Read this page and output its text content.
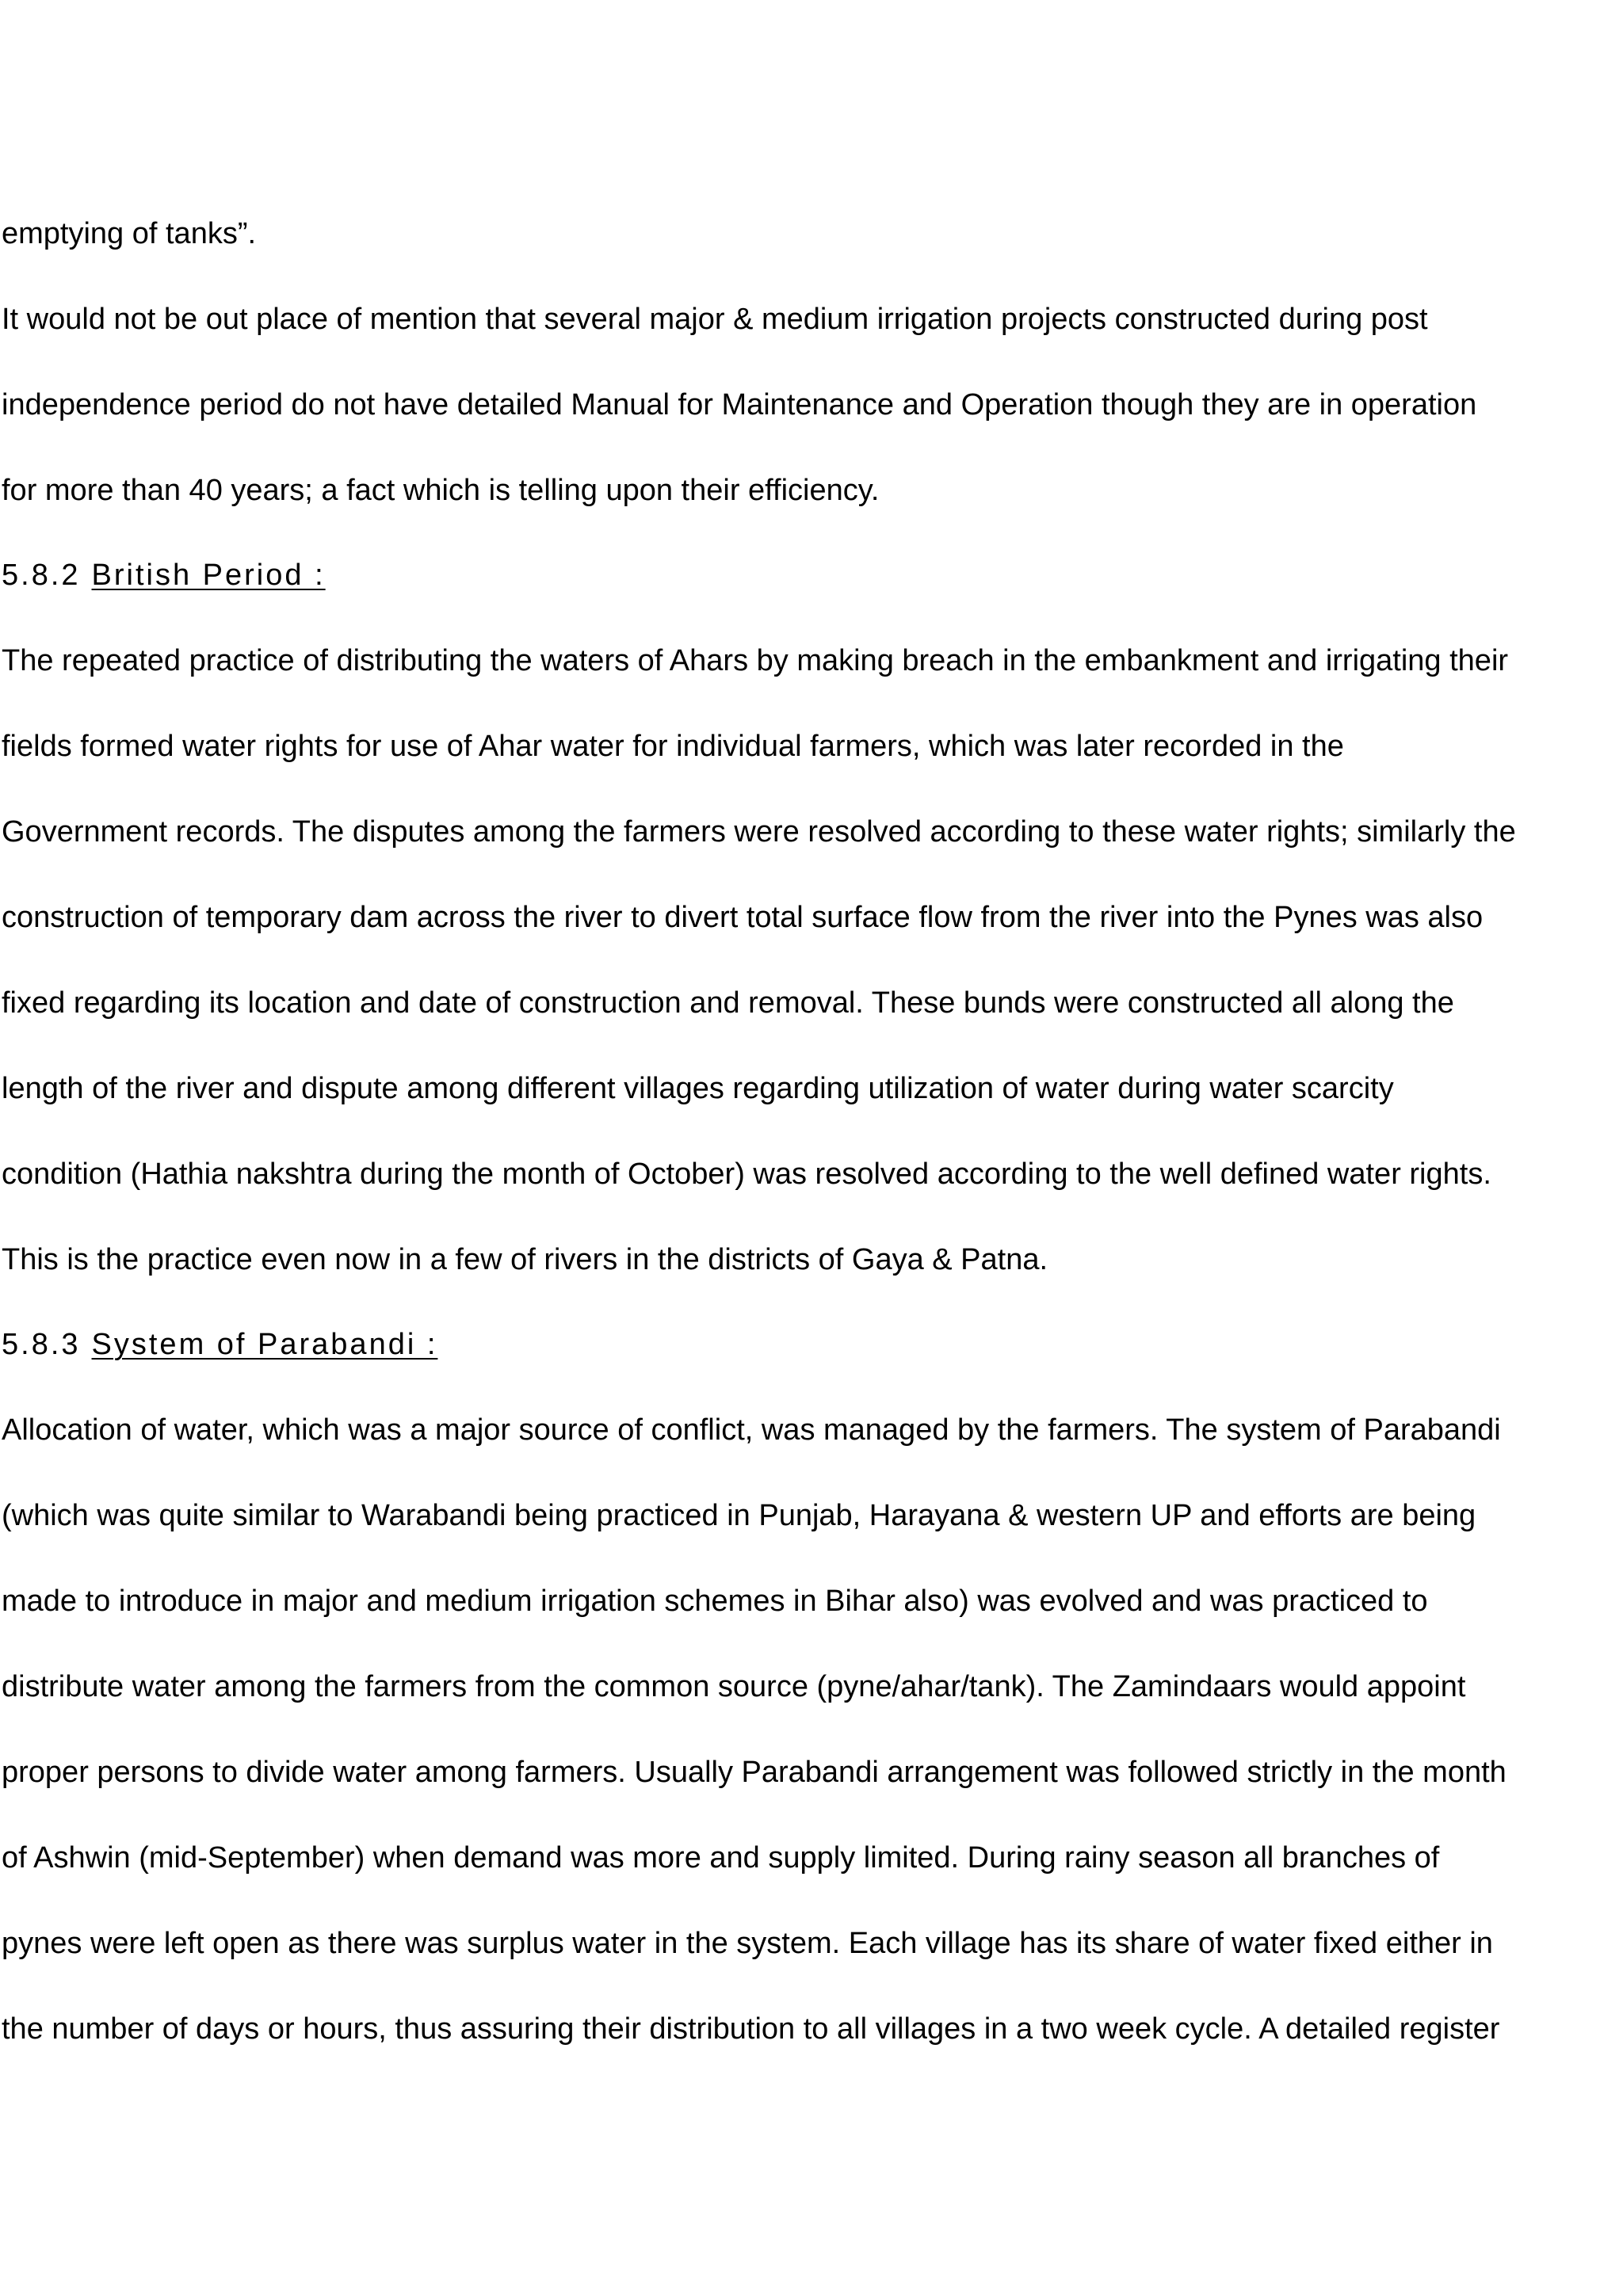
emptying of tanks”.
It would not be out place of mention that several major & medium irrigation projects constructed during post
independence period do not have detailed Manual for Maintenance and Operation though they are in operation
for more than 40 years; a fact which is telling upon their efficiency.
5.8.2 British Period :
The repeated practice of distributing the waters of Ahars by making breach in the embankment and irrigating their
fields formed water rights for use of Ahar water for individual farmers, which was later recorded in the
Government records. The disputes among the farmers were resolved according to these water rights; similarly the
construction of temporary dam across the river to divert total surface flow from the river into the Pynes was also
fixed regarding its location and date of construction and removal. These bunds were constructed all along the
length of the river and dispute among different villages regarding utilization of water during water scarcity
condition (Hathia nakshtra during the month of October) was resolved according to the well defined water rights.
This is the practice even now in a few of rivers in the districts of Gaya & Patna.
5.8.3 System of Parabandi :
Allocation of water, which was a major source of conflict, was managed by the farmers. The system of Parabandi
(which was quite similar to Warabandi being practiced in Punjab, Harayana & western UP and efforts are being
made to introduce in major and medium irrigation schemes in Bihar also) was evolved and was practiced to
distribute water among the farmers from the common source (pyne/ahar/tank). The Zamindaars would appoint
proper persons to divide water among farmers. Usually Parabandi arrangement was followed strictly in the month
of Ashwin (mid-September) when demand was more and supply limited. During rainy season all branches of
pynes were left open as there was surplus water in the system. Each village has its share of water fixed either in
the number of days or hours, thus assuring their distribution to all villages in a two week cycle. A detailed register
